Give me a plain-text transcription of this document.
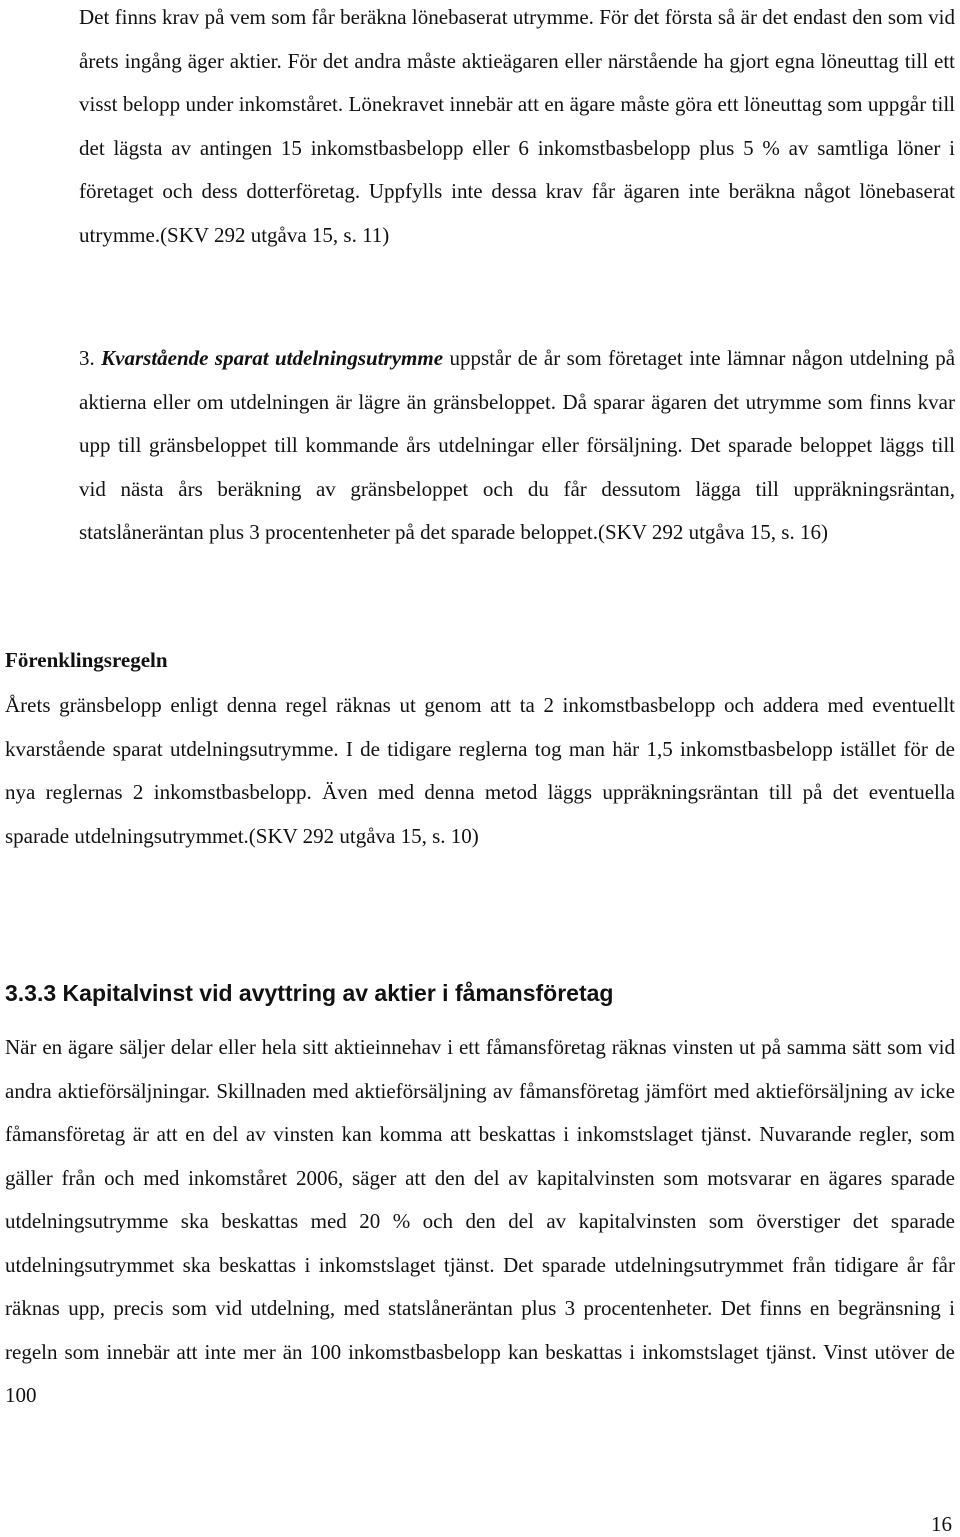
Det finns krav på vem som får beräkna lönebaserat utrymme. För det första så är det endast den som vid årets ingång äger aktier. För det andra måste aktieägaren eller närstående ha gjort egna löneuttag till ett visst belopp under inkomståret. Lönekravet innebär att en ägare måste göra ett löneuttag som uppgår till det lägsta av antingen 15 inkomstbasbelopp eller 6 inkomstbasbelopp plus 5 % av samtliga löner i företaget och dess dotterföretag. Uppfylls inte dessa krav får ägaren inte beräkna något lönebaserat utrymme.(SKV 292 utgåva 15, s. 11)

3. Kvarstående sparat utdelningsutrymme uppstår de år som företaget inte lämnar någon utdelning på aktierna eller om utdelningen är lägre än gränsbeloppet. Då sparar ägaren det utrymme som finns kvar upp till gränsbeloppet till kommande års utdelningar eller försäljning. Det sparade beloppet läggs till vid nästa års beräkning av gränsbeloppet och du får dessutom lägga till uppräkningsräntan, statslåneräntan plus 3 procentenheter på det sparade beloppet.(SKV 292 utgåva 15, s. 16)

Förenklingsregeln

Årets gränsbelopp enligt denna regel räknas ut genom att ta 2 inkomstbasbelopp och addera med eventuellt kvarstående sparat utdelningsutrymme. I de tidigare reglerna tog man här 1,5 inkomstbasbelopp istället för de nya reglernas 2 inkomstbasbelopp. Även med denna metod läggs uppräkningsräntan till på det eventuella sparade utdelningsutrymmet.(SKV 292 utgåva 15, s. 10)

3.3.3 Kapitalvinst vid avyttring av aktier i fåmansföretag

När en ägare säljer delar eller hela sitt aktieinnehav i ett fåmansföretag räknas vinsten ut på samma sätt som vid andra aktieförsäljningar. Skillnaden med aktieförsäljning av fåmansföretag jämfört med aktieförsäljning av icke fåmansföretag är att en del av vinsten kan komma att beskattas i inkomstslaget tjänst. Nuvarande regler, som gäller från och med inkomståret 2006, säger att den del av kapitalvinsten som motsvarar en ägares sparade utdelningsutrymme ska beskattas med 20 % och den del av kapitalvinsten som överstiger det sparade utdelningsutrymmet ska beskattas i inkomstslaget tjänst. Det sparade utdelningsutrymmet från tidigare år får räknas upp, precis som vid utdelning, med statslåneräntan plus 3 procentenheter. Det finns en begränsning i regeln som innebär att inte mer än 100 inkomstbasbelopp kan beskattas i inkomstslaget tjänst. Vinst utöver de 100

16
